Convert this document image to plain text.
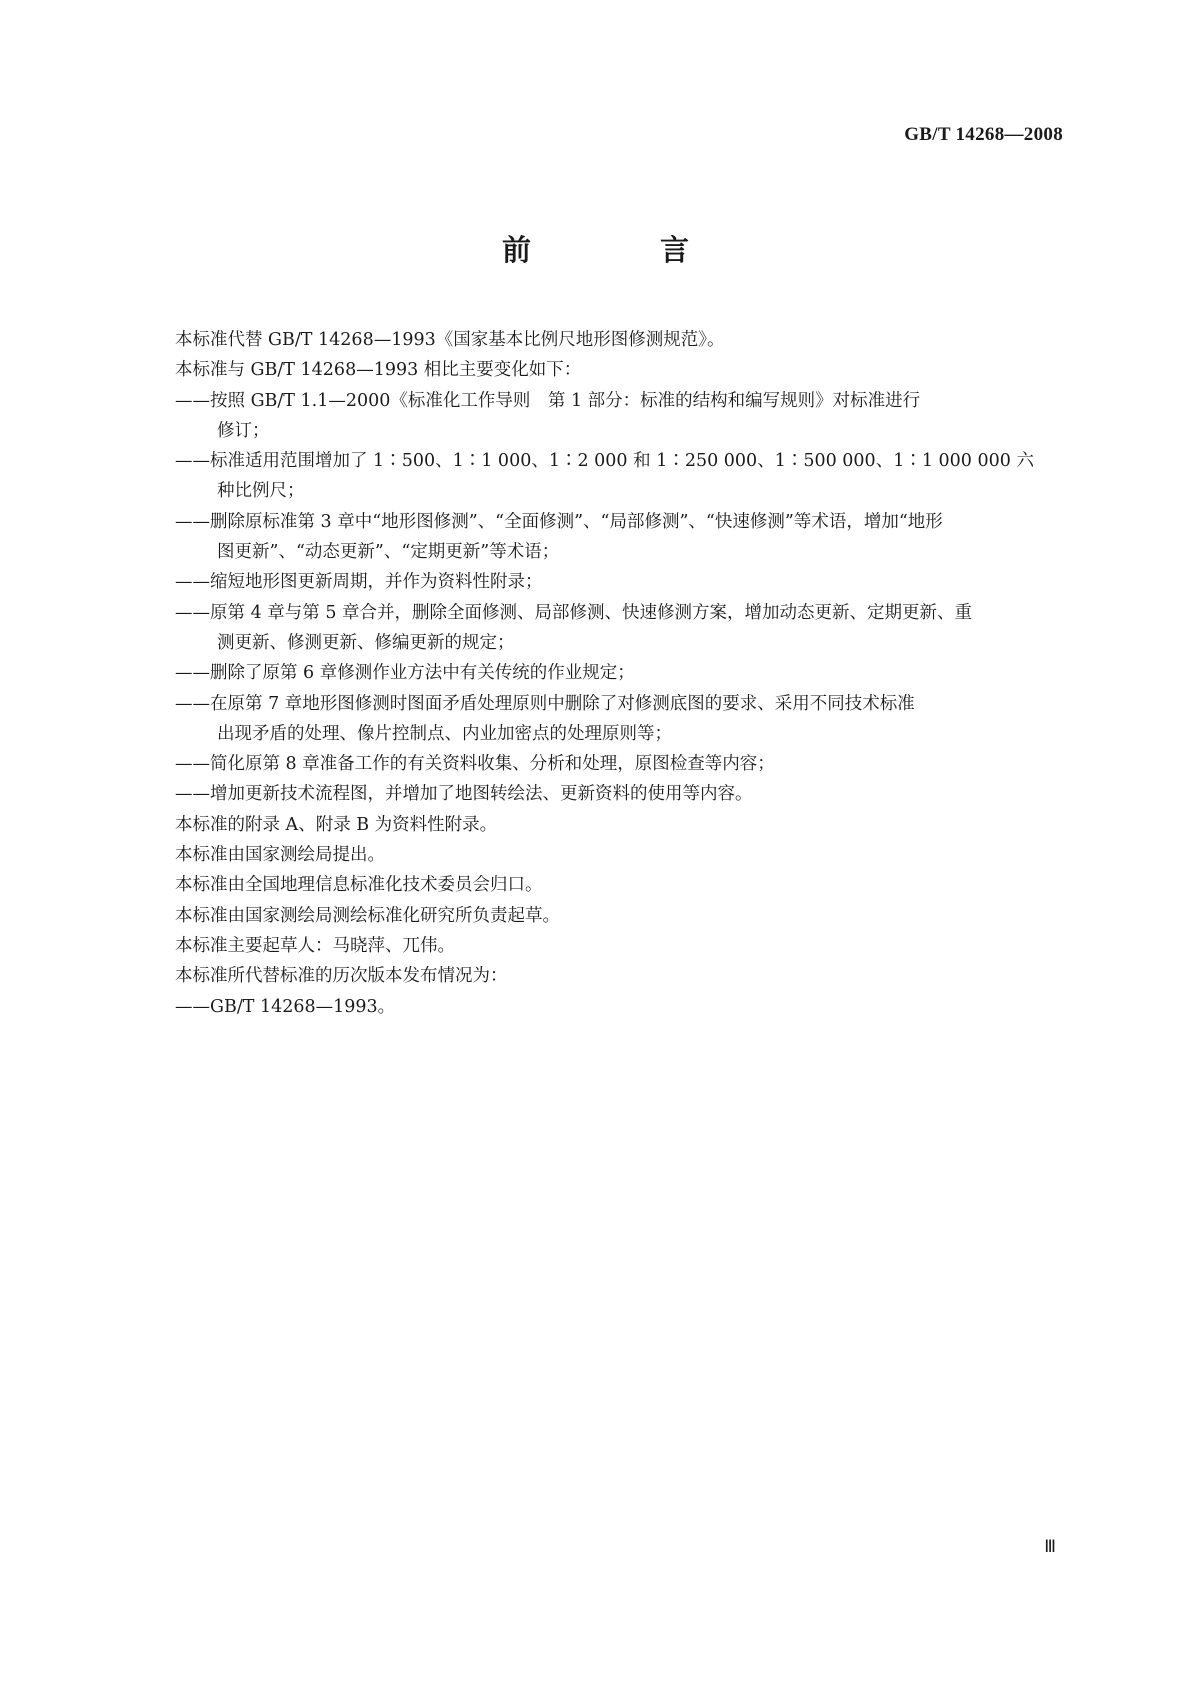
GB/T 14268—2008
前　言

本标准代替 GB/T 14268—1993《国家基本比例尺地形图修测规范》。

本标准与 GB/T 14268—1993 相比主要变化如下：

——按照 GB/T 1.1—2000《标准化工作导则　第 1 部分：标准的结构和编写规则》对标准进行
修订；
——标准适用范围增加了 1∶500、1∶1 000、1∶2 000 和 1∶250 000、1∶500 000、1∶1 000 000 六
种比例尺；
——删除原标准第 3 章中“地形图修测”、“全面修测”、“局部修测”、“快速修测”等术语，增加“地形
图更新”、“动态更新”、“定期更新”等术语；
——缩短地形图更新周期，并作为资料性附录；
——原第 4 章与第 5 章合并，删除全面修测、局部修测、快速修测方案，增加动态更新、定期更新、重
测更新、修测更新、修编更新的规定；
——删除了原第 6 章修测作业方法中有关传统的作业规定；
——在原第 7 章地形图修测时图面矛盾处理原则中删除了对修测底图的要求、采用不同技术标准
出现矛盾的处理、像片控制点、内业加密点的处理原则等；
——简化原第 8 章准备工作的有关资料收集、分析和处理，原图检查等内容；
——增加更新技术流程图，并增加了地图转绘法、更新资料的使用等内容。

本标准的附录 A、附录 B 为资料性附录。

本标准由国家测绘局提出。

本标准由全国地理信息标准化技术委员会归口。

本标准由国家测绘局测绘标准化研究所负责起草。

本标准主要起草人：马晓萍、兀伟。

本标准所代替标准的历次版本发布情况为：

——GB/T 14268—1993。

Ⅲ
